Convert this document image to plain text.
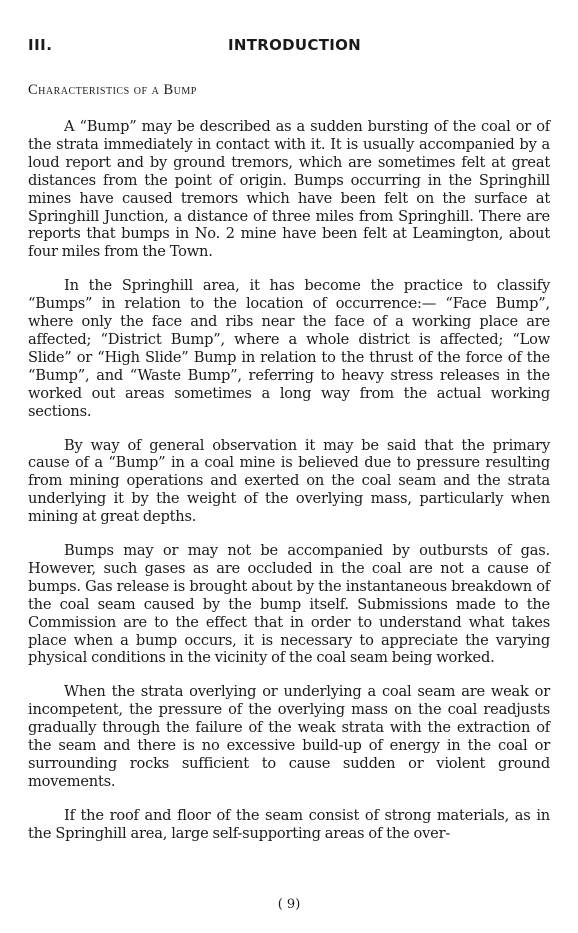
III.	INTRODUCTION
Characteristics of a Bump

A “Bump” may be described as a sudden bursting of the coal or of the strata immediately in contact with it. It is usually accompanied by a loud report and by ground tremors, which are sometimes felt at great distances from the point of origin. Bumps occurring in the Springhill mines have caused tremors which have been felt on the surface at Springhill Junction, a distance of three miles from Springhill. There are reports that bumps in No. 2 mine have been felt at Leamington, about four miles from the Town.

In the Springhill area, it has become the practice to classify “Bumps” in relation to the location of occurrence:— “Face Bump”, where only the face and ribs near the face of a working place are affected; “District Bump”, where a whole district is affected; “Low Slide” or “High Slide” Bump in relation to the thrust of the force of the “Bump”, and “Waste Bump”, referring to heavy stress releases in the worked out areas sometimes a long way from the actual working sections.

By way of general observation it may be said that the primary cause of a “Bump” in a coal mine is believed due to pressure resulting from mining operations and exerted on the coal seam and the strata underlying it by the weight of the overlying mass, particularly when mining at great depths.

Bumps may or may not be accompanied by outbursts of gas. However, such gases as are occluded in the coal are not a cause of bumps. Gas release is brought about by the instantaneous breakdown of the coal seam caused by the bump itself. Submissions made to the Commission are to the effect that in order to understand what takes place when a bump occurs, it is necessary to appreciate the varying physical conditions in the vicinity of the coal seam being worked.

When the strata overlying or underlying a coal seam are weak or incompetent, the pressure of the overlying mass on the coal readjusts gradually through the failure of the weak strata with the extraction of the seam and there is no excessive build-up of energy in the coal or surrounding rocks sufficient to cause sudden or violent ground movements.

If the roof and floor of the seam consist of strong materials, as in the Springhill area, large self-supporting areas of the over-

( 9)
